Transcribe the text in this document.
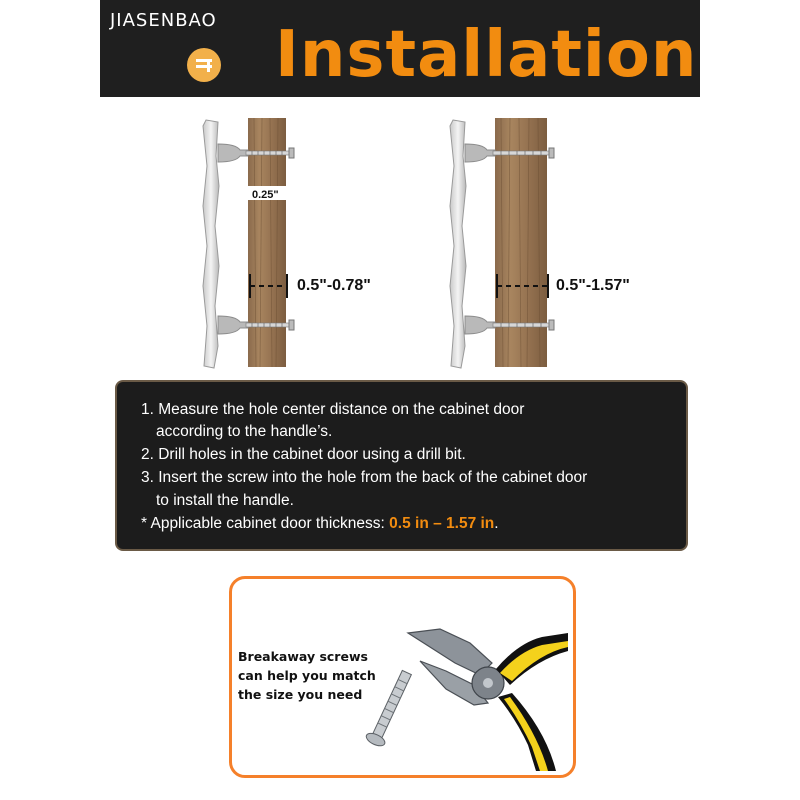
JIASENBAO Installation
0.25"
0.5"-0.78"	0.5"-1.57"
1. Measure the hole center distance on the cabinet door
according to the handle’s.
2. Drill holes in the cabinet door using a drill bit.
3. Insert the screw into the hole from the back of the cabinet door
to install the handle.
* Applicable cabinet door thickness: 0.5 in – 1.57 in.
Breakaway screws can help you match the size you need
